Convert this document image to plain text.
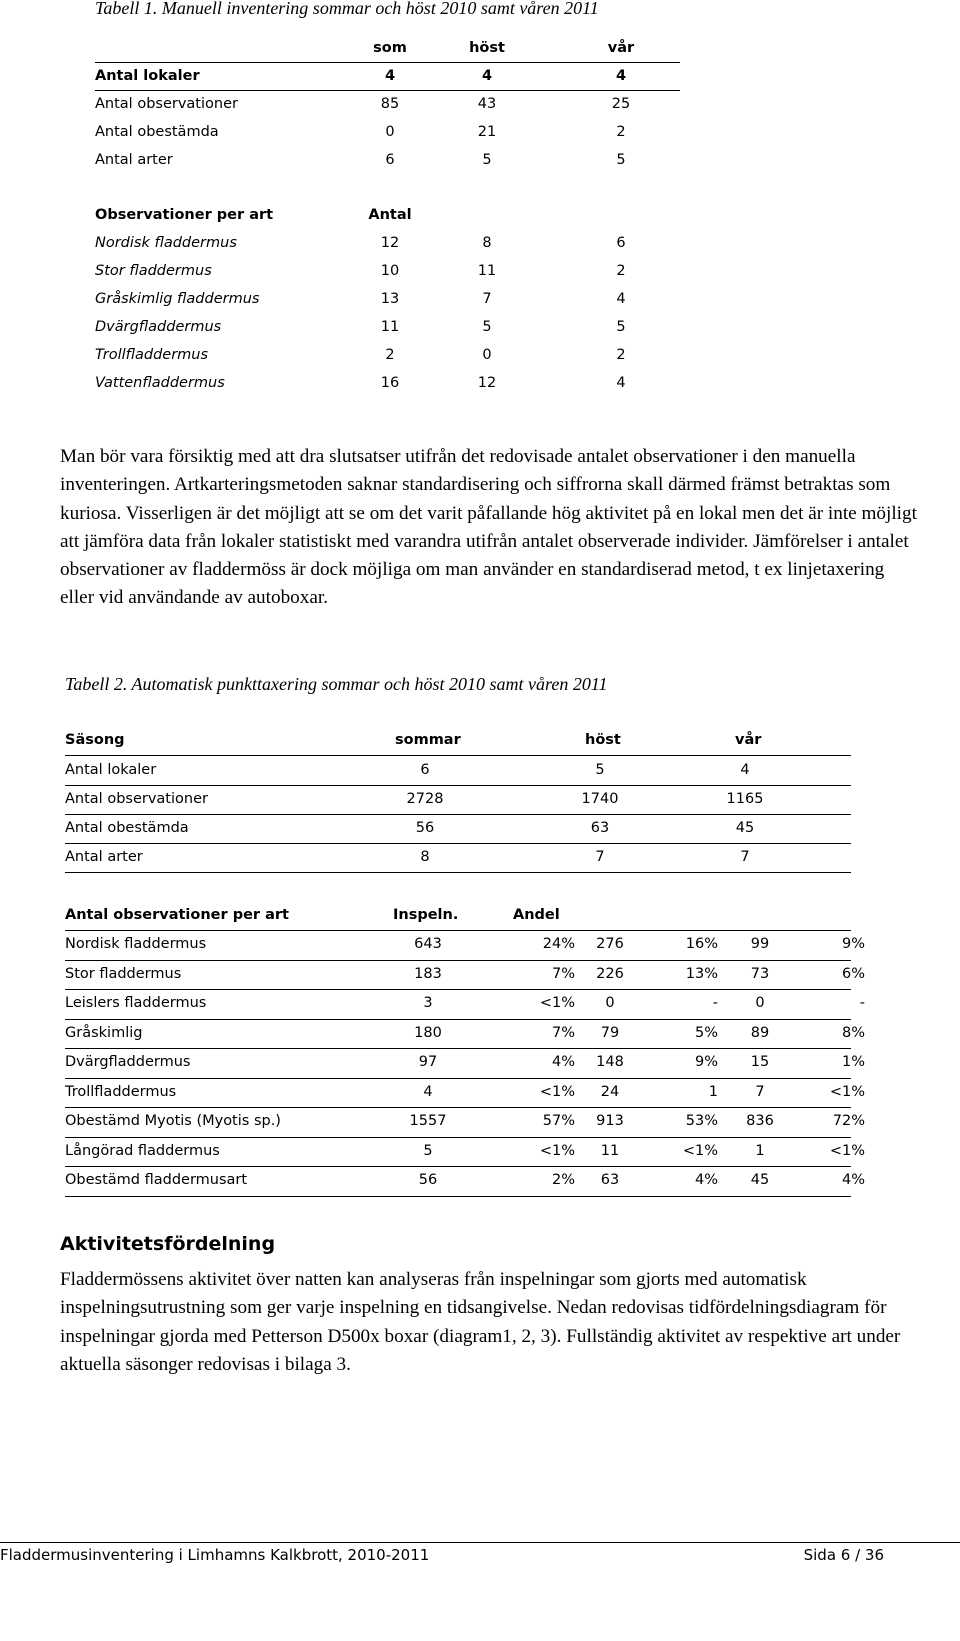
Tabell 1. Manuell inventering sommar och höst 2010 samt våren 2011
som	höst	vår
Antal lokaler	4	4	4
Antal observationer	85	43	25
Antal obestämda	0	21	2
Antal arter	6	5	5
Observationer per art	Antal
Nordisk fladdermus	12	8	6
Stor fladdermus	10	11	2
Gråskimlig fladdermus	13	7	4
Dvärgfladdermus	11	5	5
Trollfladdermus	2	0	2
Vattenfladdermus	16	12	4
Man bör vara försiktig med att dra slutsatser utifrån det redovisade antalet observationer i den manuella inventeringen. Artkarteringsmetoden saknar standardisering och siffrorna skall därmed främst betraktas som kuriosa. Visserligen är det möjligt att se om det varit påfallande hög aktivitet på en lokal men det är inte möjligt att jämföra data från lokaler statistiskt med varandra utifrån antalet observerade individer. Jämförelser i antalet observationer av fladdermöss är dock möjliga om man använder en standardiserad metod, t ex linjetaxering eller vid användande av autoboxar.
Tabell 2. Automatisk punkttaxering sommar och höst 2010 samt våren 2011
Säsong	sommar	höst	vår
Antal lokaler	6	5	4
Antal observationer	2728	1740	1165
Antal obestämda	56	63	45
Antal arter	8	7	7
Antal observationer per art	Inspeln.	Andel
Nordisk fladdermus	643	24%	276	16%	99	9%
Stor fladdermus	183	7%	226	13%	73	6%
Leislers fladdermus	3	<1%	0	-	0	-
Gråskimlig	180	7%	79	5%	89	8%
Dvärgfladdermus	97	4%	148	9%	15	1%
Trollfladdermus	4	<1%	24	1	7	<1%
Obestämd Myotis (Myotis sp.)	1557	57%	913	53%	836	72%
Långörad fladdermus	5	<1%	11	<1%	1	<1%
Obestämd fladdermusart	56	2%	63	4%	45	4%
Aktivitetsfördelning
Fladdermössens aktivitet över natten kan analyseras från inspelningar som gjorts med automatisk inspelningsutrustning som ger varje inspelning en tidsangivelse. Nedan redovisas tidfördelningsdiagram för inspelningar gjorda med Petterson D500x boxar (diagram1, 2, 3). Fullständig aktivitet av respektive art under aktuella säsonger redovisas i bilaga 3.
Fladdermusinventering i Limhamns Kalkbrott, 2010-2011	Sida 6 / 36
